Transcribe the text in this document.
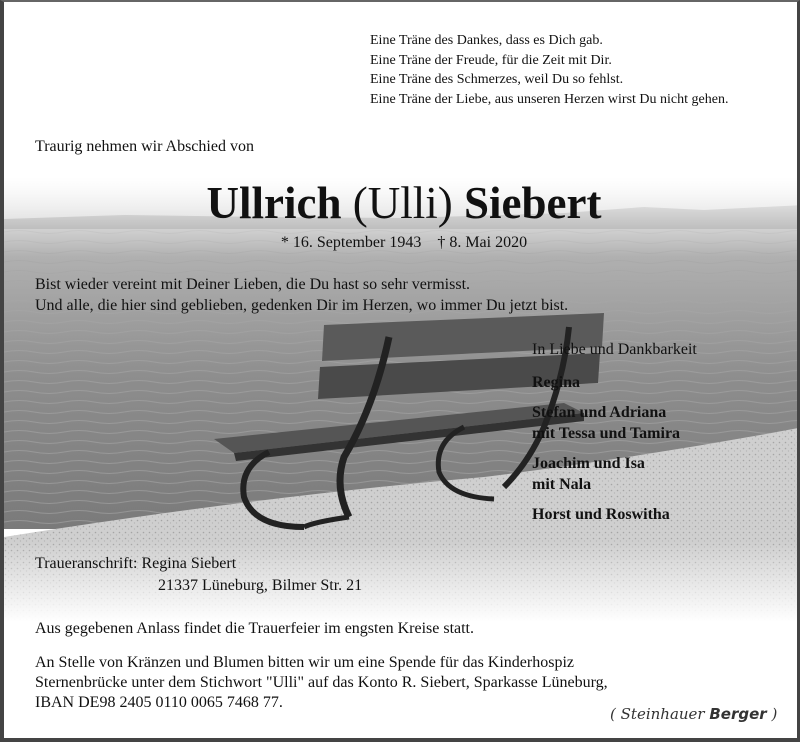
Eine Träne des Dankes, dass es Dich gab.
Eine Träne der Freude, für die Zeit mit Dir.
Eine Träne des Schmerzes, weil Du so fehlst.
Eine Träne der Liebe, aus unseren Herzen wirst Du nicht gehen.
Traurig nehmen wir Abschied von
Ullrich (Ulli) Siebert
* 16. September 1943 † 8. Mai 2020
Bist wieder vereint mit Deiner Lieben, die Du hast so sehr vermisst.
Und alle, die hier sind geblieben, gedenken Dir im Herzen, wo immer Du jetzt bist.
In Liebe und Dankbarkeit
Regina
Stefan und Adriana
mit Tessa und Tamira
Joachim und Isa
mit Nala
Horst und Roswitha
Traueranschrift: Regina Siebert
21337 Lüneburg, Bilmer Str. 21
Aus gegebenen Anlass findet die Trauerfeier im engsten Kreise statt.
An Stelle von Kränzen und Blumen bitten wir um eine Spende für das Kinderhospiz
Sternenbrücke unter dem Stichwort "Ulli" auf das Konto R. Siebert, Sparkasse Lüneburg,
IBAN DE98 2405 0110 0065 7468 77.
( Steinhauer Berger )
